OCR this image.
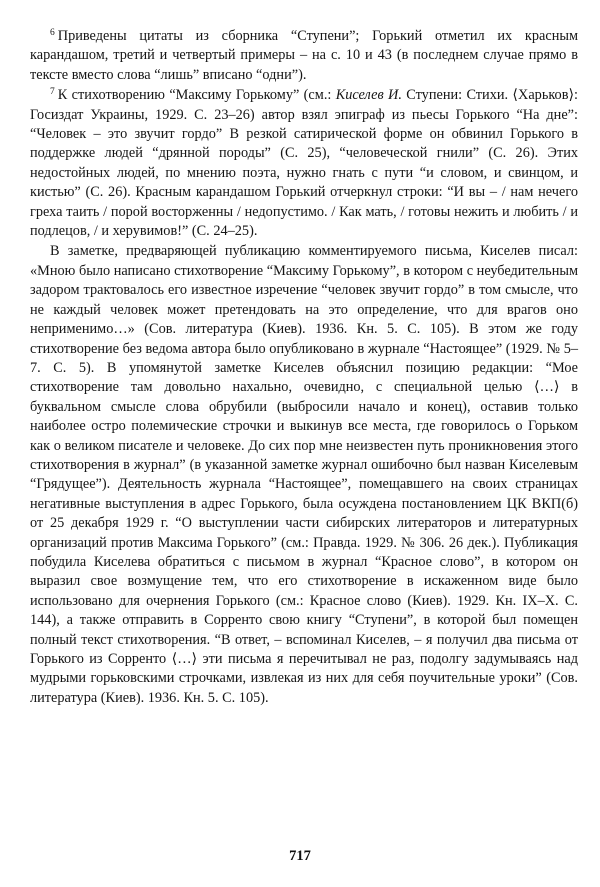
$^6$ Приведены цитаты из сборника “Ступени”; Горький отметил их красным карандашом, третий и четвертый примеры – на с. 10 и 43 (в последнем случае прямо в тексте вместо слова “лишь” вписано “одни”).

$^7$ К стихотворению “Максиму Горькому” (см.: Киселев И. Ступени: Стихи. ⟨Харьков⟩: Госиздат Украины, 1929. С. 23–26) автор взял эпиграф из пьесы Горького “На дне”: “Человек – это звучит гордо” В резкой сатирической форме он обвинил Горького в поддержке людей “дрянной породы” (С. 25), “человеческой гнили” (С. 26). Этих недостойных людей, по мнению поэта, нужно гнать с пути “и словом, и свинцом, и кистью” (С. 26). Красным карандашом Горький отчеркнул строки: “И вы – / нам нечего греха таить / порой восторженны / недопустимо. / Как мать, / готовы нежить и любить / и подлецов, / и херувимов!” (С. 24–25).

В заметке, предваряющей публикацию комментируемого письма, Киселев писал: «Мною было написано стихотворение “Максиму Горькому”, в котором с неубедительным задором трактовалось его известное изречение “человек звучит гордо” в том смысле, что не каждый человек может претендовать на это определение, что для врагов оно неприменимо…» (Сов. литература (Киев). 1936. Кн. 5. С. 105). В этом же году стихотворение без ведома автора было опубликовано в журнале “Настоящее” (1929. № 5–7. С. 5). В упомянутой заметке Киселев объяснил позицию редакции: “Мое стихотворение там довольно нахально, очевидно, с специальной целью ⟨…⟩ в буквальном смысле слова обрубили (выбросили начало и конец), оставив только наиболее остро полемические строчки и выкинув все места, где говорилось о Горьком как о великом писателе и человеке. До сих пор мне неизвестен путь проникновения этого стихотворения в журнал” (в указанной заметке журнал ошибочно был назван Киселевым “Грядущее”). Деятельность журнала “Настоящее”, помещавшего на своих страницах негативные выступления в адрес Горького, была осуждена постановлением ЦК ВКП(б) от 25 декабря 1929 г. “О выступлении части сибирских литераторов и литературных организаций против Максима Горького” (см.: Правда. 1929. № 306. 26 дек.). Публикация побудила Киселева обратиться с письмом в журнал “Красное слово”, в котором он выразил свое возмущение тем, что его стихотворение в искаженном виде было использовано для очернения Горького (см.: Красное слово (Киев). 1929. Кн. IX–X. С. 144), а также отправить в Сорренто свою книгу “Ступени”, в которой был помещен полный текст стихотворения. “В ответ, – вспоминал Киселев, – я получил два письма от Горького из Сорренто ⟨…⟩ эти письма я перечитывал не раз, подолгу задумываясь над мудрыми горьковскими строчками, извлекая из них для себя поучительные уроки” (Сов. литература (Киев). 1936. Кн. 5. С. 105).

717
